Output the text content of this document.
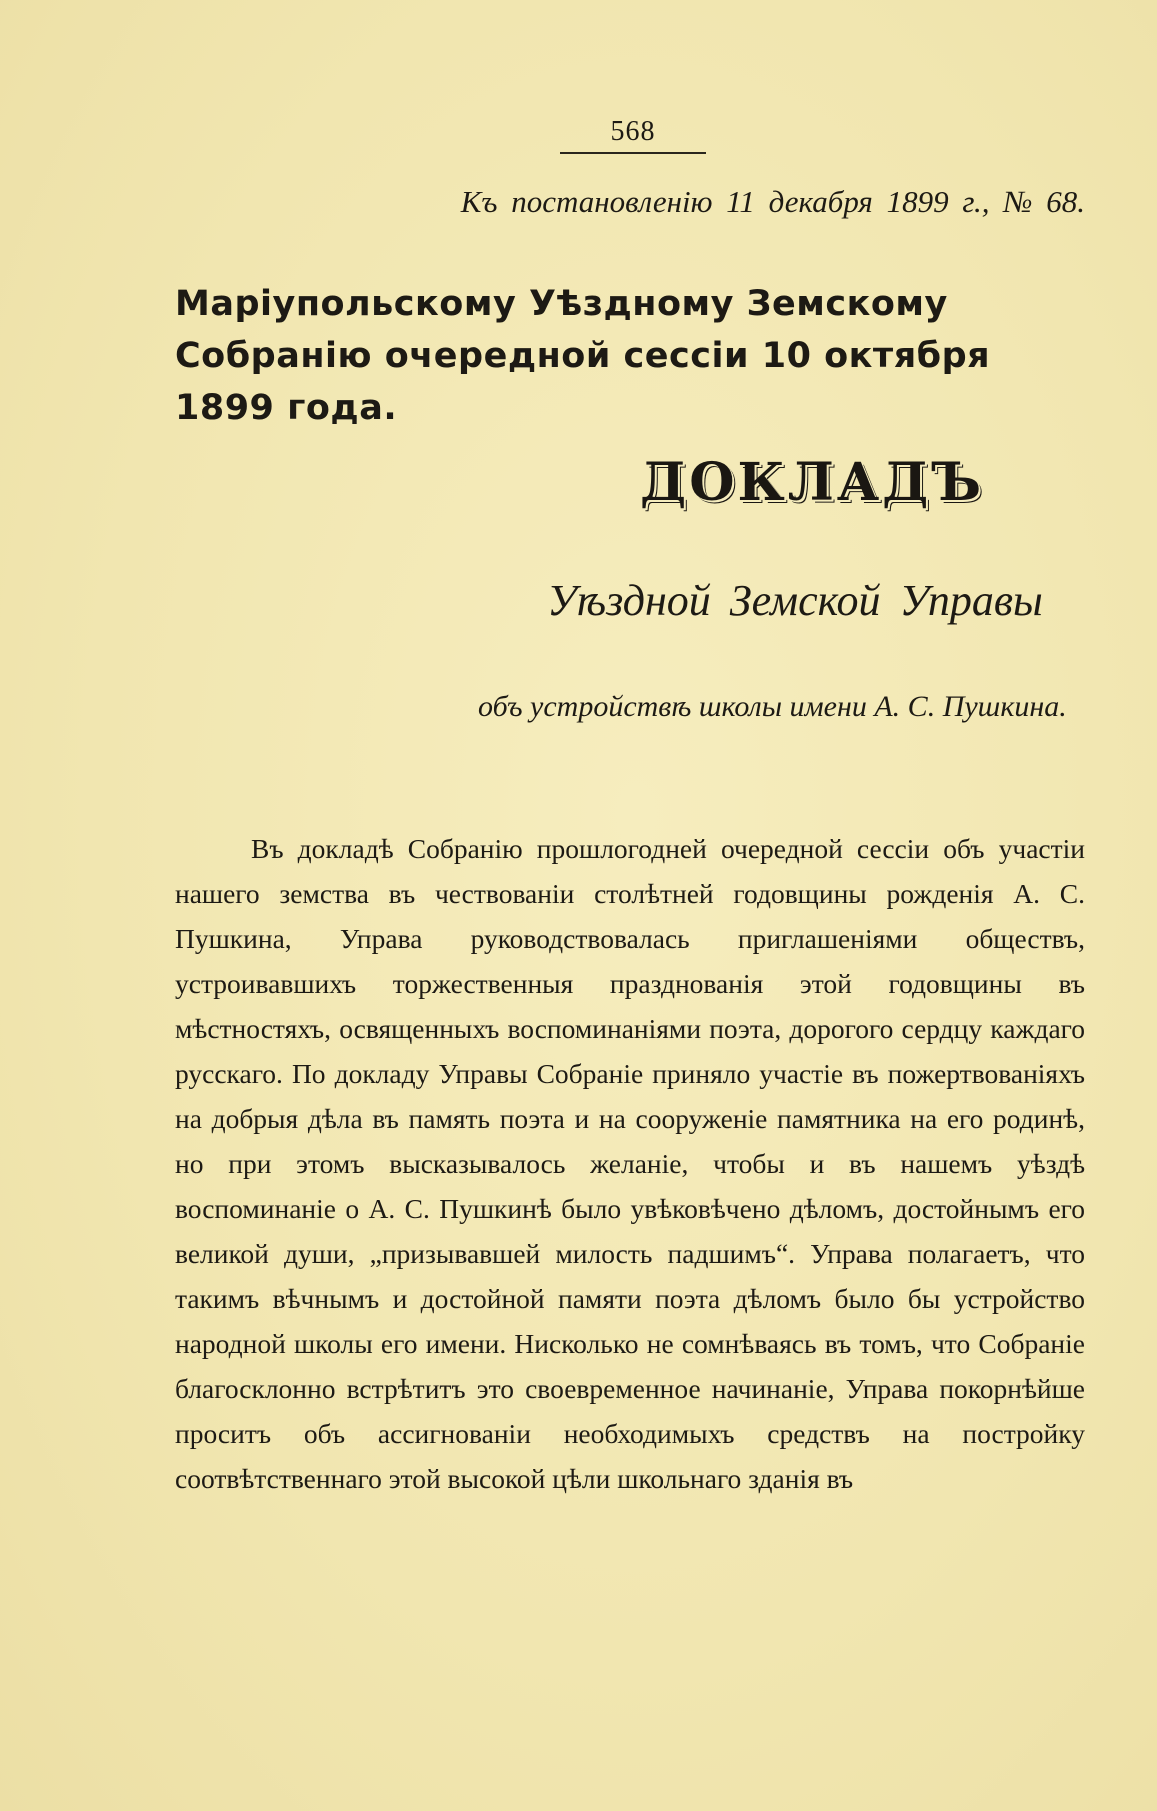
568
Къ постановленію 11 декабря 1899 г., № 68.
Маріупольскому Уѣздному Земскому Собранію очередной сессіи 10 октября 1899 года.
ДОКЛАДЪ
Уѣздной Земской Управы
объ устройствѣ школы имени А. С. Пушкина.

Въ докладѣ Собранію прошлогодней очередной сессіи объ участіи нашего земства въ чествованіи столѣтней годовщины рожденія А. С. Пушкина, Управа руководствовалась приглашеніями обществъ, устроивавшихъ торжественныя празднованія этой годовщины въ мѣстностяхъ, освященныхъ воспоминаніями поэта, дорогого сердцу каждаго русскаго. По докладу Управы Собраніе приняло участіе въ пожертвованіяхъ на добрыя дѣла въ память поэта и на сооруженіе памятника на его родинѣ, но при этомъ высказывалось желаніе, чтобы и въ нашемъ уѣздѣ воспоминаніе о А. С. Пушкинѣ было увѣковѣчено дѣломъ, достойнымъ его великой души, „призывавшей милость падшимъ“. Управа полагаетъ, что такимъ вѣчнымъ и достойной памяти поэта дѣломъ было бы устройство народной школы его имени. Нисколько не сомнѣваясь въ томъ, что Собраніе благосклонно встрѣтитъ это своевременное начинаніе, Управа покорнѣйше проситъ объ ассигнованіи необходимыхъ средствъ на постройку соотвѣтственнаго этой высокой цѣли школьнаго зданія въ
